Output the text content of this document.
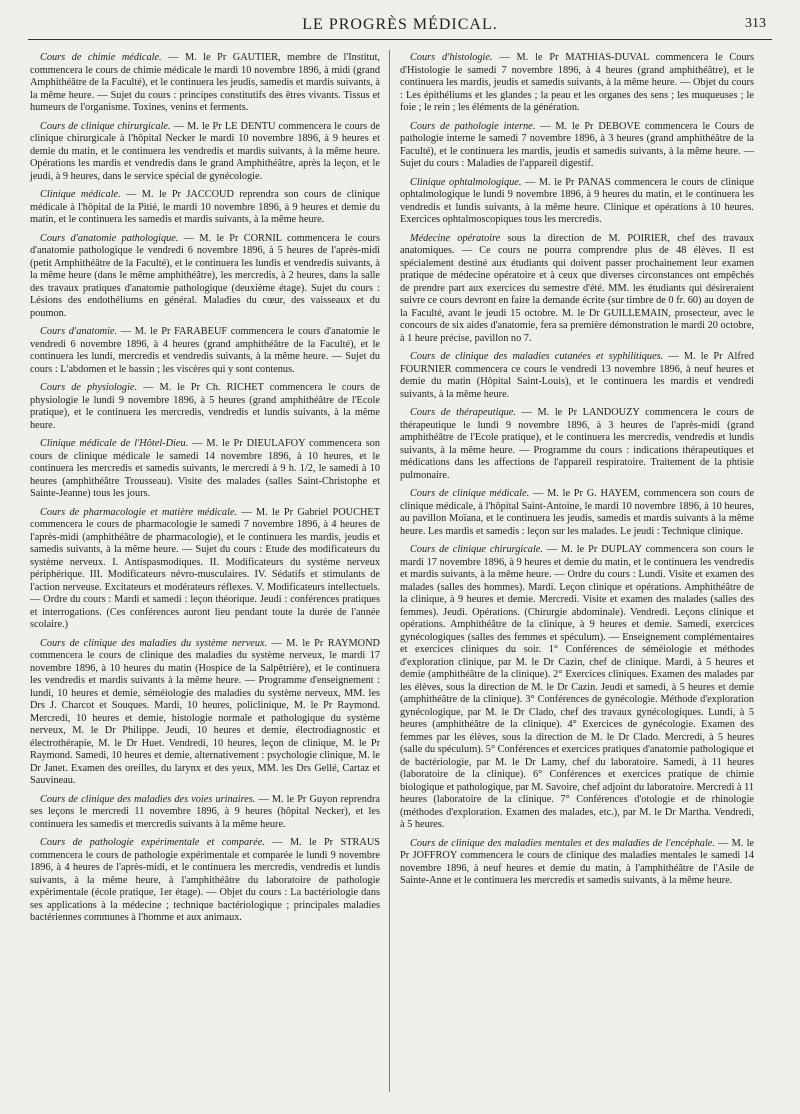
LE PROGRÈS MÉDICAL.	313

Cours de chimie médicale. — M. le Pr GAUTIER, membre de l'Institut, commencera le cours de chimie médicale le mardi 10 novembre 1896, à midi (grand Amphithéâtre de la Faculté), et le continuera les jeudis, samedis et mardis suivants, à la même heure. — Sujet du cours : principes constitutifs des êtres vivants. Tissus et humeurs de l'organisme. Toxines, venins et ferments.

Cours de clinique chirurgicale. — M. le Pr LE DENTU commencera le cours de clinique chirurgicale à l'hôpital Necker le mardi 10 novembre 1896, à 9 heures et demie du matin, et le continuera les vendredis et mardis suivants, à la même heure. Opérations les mardis et vendredis dans le grand Amphithéâtre, après la leçon, et le jeudi, à 9 heures, dans le service spécial de gynécologie.

Clinique médicale. — M. le Pr JACCOUD reprendra son cours de clinique médicale à l'hôpital de la Pitié, le mardi 10 novembre 1896, à 9 heures et demie du matin, et le continuera les samedis et mardis suivants, à la même heure.

Cours d'anatomie pathologique. — M. le Pr CORNIL commencera le cours d'anatomie pathologique le vendredi 6 novembre 1896, à 5 heures de l'après-midi (petit Amphithéâtre de la Faculté), et le continuera les lundis et vendredis suivants, à la même heure (dans le même amphithéâtre), les mercredis, à 2 heures, dans la salle des travaux pratiques d'anatomie pathologique (deuxième étage). Sujet du cours : Lésions des endothéliums en général. Maladies du cœur, des vaisseaux et du poumon.

Cours d'anatomie. — M. le Pr FARABEUF commencera le cours d'anatomie le vendredi 6 novembre 1896, à 4 heures (grand amphithéâtre de la Faculté), et le continuera les lundi, mercredis et vendredis suivants, à la même heure. — Sujet du cours : L'abdomen et le bassin ; les viscères qui y sont contenus.

Cours de physiologie. — M. le Pr Ch. RICHET commencera le cours de physiologie le lundi 9 novembre 1896, à 5 heures (grand amphithéâtre de l'Ecole pratique), et le continuera les mercredis, vendredis et lundis suivants, à la même heure.

Clinique médicale de l'Hôtel-Dieu. — M. le Pr DIEULAFOY commencera son cours de clinique médicale le samedi 14 novembre 1896, à 10 heures, et le continuera les mercredis et samedis suivants, le mercredi à 9 h. 1/2, le samedi à 10 heures (amphithéâtre Trousseau). Visite des malades (salles Saint-Christophe et Sainte-Jeanne) tous les jours.

Cours de pharmacologie et matière médicale. — M. le Pr Gabriel POUCHET commencera le cours de pharmacologie le samedi 7 novembre 1896, à 4 heures de l'après-midi (amphithéâtre de pharmacologie), et le continuera les mardis, jeudis et samedis suivants, à la même heure. — Sujet du cours : Etude des modificateurs du système nerveux. I. Antispasmodiques. II. Modificateurs du système nerveux périphérique. III. Modificateurs névro-musculaires. IV. Sédatifs et stimulants de l'action nerveuse. Excitateurs et modérateurs réflexes. V. Modificateurs intellectuels. — Ordre du cours : Mardi et samedi : leçon théorique. Jeudi : conférences pratiques et interrogations. (Ces conférences auront lieu pendant toute la durée de l'année scolaire.)

Cours de clinique des maladies du système nerveux. — M. le Pr RAYMOND commencera le cours de clinique des maladies du système nerveux, le mardi 17 novembre 1896, à 10 heures du matin (Hospice de la Salpêtrière), et le continuera les vendredis et mardis suivants à la même heure. — Programme d'enseignement : lundi, 10 heures et demie, séméiologie des maladies du système nerveux, MM. les Drs J. Charcot et Souques. Mardi, 10 heures, policlinique, M. le Pr Raymond. Mercredi, 10 heures et demie, histologie normale et pathologique du système nerveux, M. le Dr Philippe. Jeudi, 10 heures et demie, électrodiagnostic et électrothérapie, M. le Dr Huet. Vendredi, 10 heures, leçon de clinique, M. le Pr Raymond. Samedi, 10 heures et demie, alternativement : psychologie clinique, M. le Dr Janet. Examen des oreilles, du larynx et des yeux, MM. les Drs Gellé, Cartaz et Sauvineau.

Cours de clinique des maladies des voies urinaires. — M. le Pr Guyon reprendra ses leçons le mercredi 11 novembre 1896, à 9 heures (hôpital Necker), et les continuera les samedis et mercredis suivants à la même heure.

Cours de pathologie expérimentale et comparée. — M. le Pr STRAUS commencera le cours de pathologie expérimentale et comparée le lundi 9 novembre 1896, à 4 heures de l'après-midi, et le continuera les mercredis, vendredis et lundis suivants, à la même heure, à l'amphithéâtre du laboratoire de pathologie expérimentale (école pratique, 1er étage). — Objet du cours : La bactériologie dans ses applications à la médecine ; technique bactériologique ; principales maladies bactériennes communes à l'homme et aux animaux.

Cours d'histologie. — M. le Pr MATHIAS-DUVAL commencera le Cours d'Histologie le samedi 7 novembre 1896, à 4 heures (grand amphithéâtre), et le continuera les mardis, jeudis et samedis suivants, à la même heure. — Objet du cours : Les épithéliums et les glandes ; la peau et les organes des sens ; les muqueuses ; le foie ; le rein ; les éléments de la génération.

Cours de pathologie interne. — M. le Pr DEBOVE commencera le Cours de pathologie interne le samedi 7 novembre 1896, à 3 heures (grand amphithéâtre de la Faculté), et le continuera les mardis, jeudis et samedis suivants, à la même heure. — Sujet du cours : Maladies de l'appareil digestif.

Clinique ophtalmologique. — M. le Pr PANAS commencera le cours de clinique ophtalmologique le lundi 9 novembre 1896, à 9 heures du matin, et le continuera les vendredis et lundis suivants, à la même heure. Clinique et opérations à 10 heures. Exercices ophtalmoscopiques tous les mercredis.

Médecine opératoire sous la direction de M. POIRIER, chef des travaux anatomiques. — Ce cours ne pourra comprendre plus de 48 élèves. Il est spécialement destiné aux étudiants qui doivent passer prochainement leur examen pratique de médecine opératoire et à ceux que diverses circonstances ont empêchés de prendre part aux exercices du semestre d'été. MM. les étudiants qui désireraient suivre ce cours devront en faire la demande écrite (sur timbre de 0 fr. 60) au doyen de la Faculté, avant le jeudi 15 octobre. M. le Dr GUILLEMAIN, prosecteur, avec le concours de six aides d'anatomie, fera sa première démonstration le mardi 20 octobre, à 1 heure précise, pavillon no 7.

Cours de clinique des maladies cutanées et syphilitiques. — M. le Pr Alfred FOURNIER commencera ce cours le vendredi 13 novembre 1896, à neuf heures et demie du matin (Hôpital Saint-Louis), et le continuera les mardis et vendredi suivants, à la même heure.

Cours de thérapeutique. — M. le Pr LANDOUZY commencera le cours de thérapeutique le lundi 9 novembre 1896, à 3 heures de l'après-midi (grand amphithéâtre de l'Ecole pratique), et le continuera les mercredis, vendredis et lundis suivants, à la même heure. — Programme du cours : indications thérapeutiques et médications dans les affections de l'appareil respiratoire. Traitement de la phtisie pulmonaire.

Cours de clinique médicale. — M. le Pr G. HAYEM, commencera son cours de clinique médicale, à l'hôpital Saint-Antoine, le mardi 10 novembre 1896, à 10 heures, au pavillon Moïana, et le continuera les jeudis, samedis et mardis suivants à la même heure. Les mardis et samedis : leçon sur les malades. Le jeudi : Technique clinique.

Cours de clinique chirurgicale. — M. le Pr DUPLAY commencera son cours le mardi 17 novembre 1896, à 9 heures et demie du matin, et le continuera les vendredis et mardis suivants, à la même heure. — Ordre du cours : Lundi. Visite et examen des malades (salles des hommes). Mardi. Leçon clinique et opérations. Amphithéâtre de la clinique, à 9 heures et demie. Mercredi. Visite et examen des malades (salles des femmes). Jeudi. Opérations. (Chirurgie abdominale). Vendredi. Leçons clinique et opérations. Amphithéâtre de la clinique, à 9 heures et demie. Samedi, exercices gynécologiques (salles des femmes et spéculum). — Enseignement complémentaires et exercices cliniques du soir. 1° Conférences de séméiologie et méthodes d'exploration clinique, par M. le Dr Cazin, chef de clinique. Mardi, à 5 heures et demie (amphithéâtre de la clinique). 2° Exercices cliniques. Examen des malades par les élèves, sous la direction de M. le Dr Cazin. Jeudi et samedi, à 5 heures et demie (amphithéâtre de la clinique). 3° Conférences de gynécologie. Méthode d'exploration gynécologique, par M. le Dr Clado, chef des travaux gynécologiques. Lundi, à 5 heures (amphithéâtre de la clinique). 4° Exercices de gynécologie. Examen des femmes par les élèves, sous la direction de M. le Dr Clado. Mercredi, à 5 heures (salle du spéculum). 5° Conférences et exercices pratiques d'anatomie pathologique et de bactériologie, par M. le Dr Lamy, chef du laboratoire. Samedi, à 11 heures (laboratoire de la clinique). 6° Conférences et exercices pratique de chimie biologique et pathologique, par M. Savoire, chef adjoint du laboratoire. Mercredi à 11 heures (laboratoire de la clinique. 7° Conférences d'otologie et de rhinologie (méthodes d'exploration. Examen des malades, etc.), par M. le Dr Martha. Vendredi, à 5 heures.

Cours de clinique des maladies mentales et des maladies de l'encéphale. — M. le Pr JOFFROY commencera le cours de clinique des maladies mentales le samedi 14 novembre 1896, à neuf heures et demie du matin, à l'amphithéâtre de l'Asile de Sainte-Anne et le continuera les mercredis et samedis suivants, à la même heure.
